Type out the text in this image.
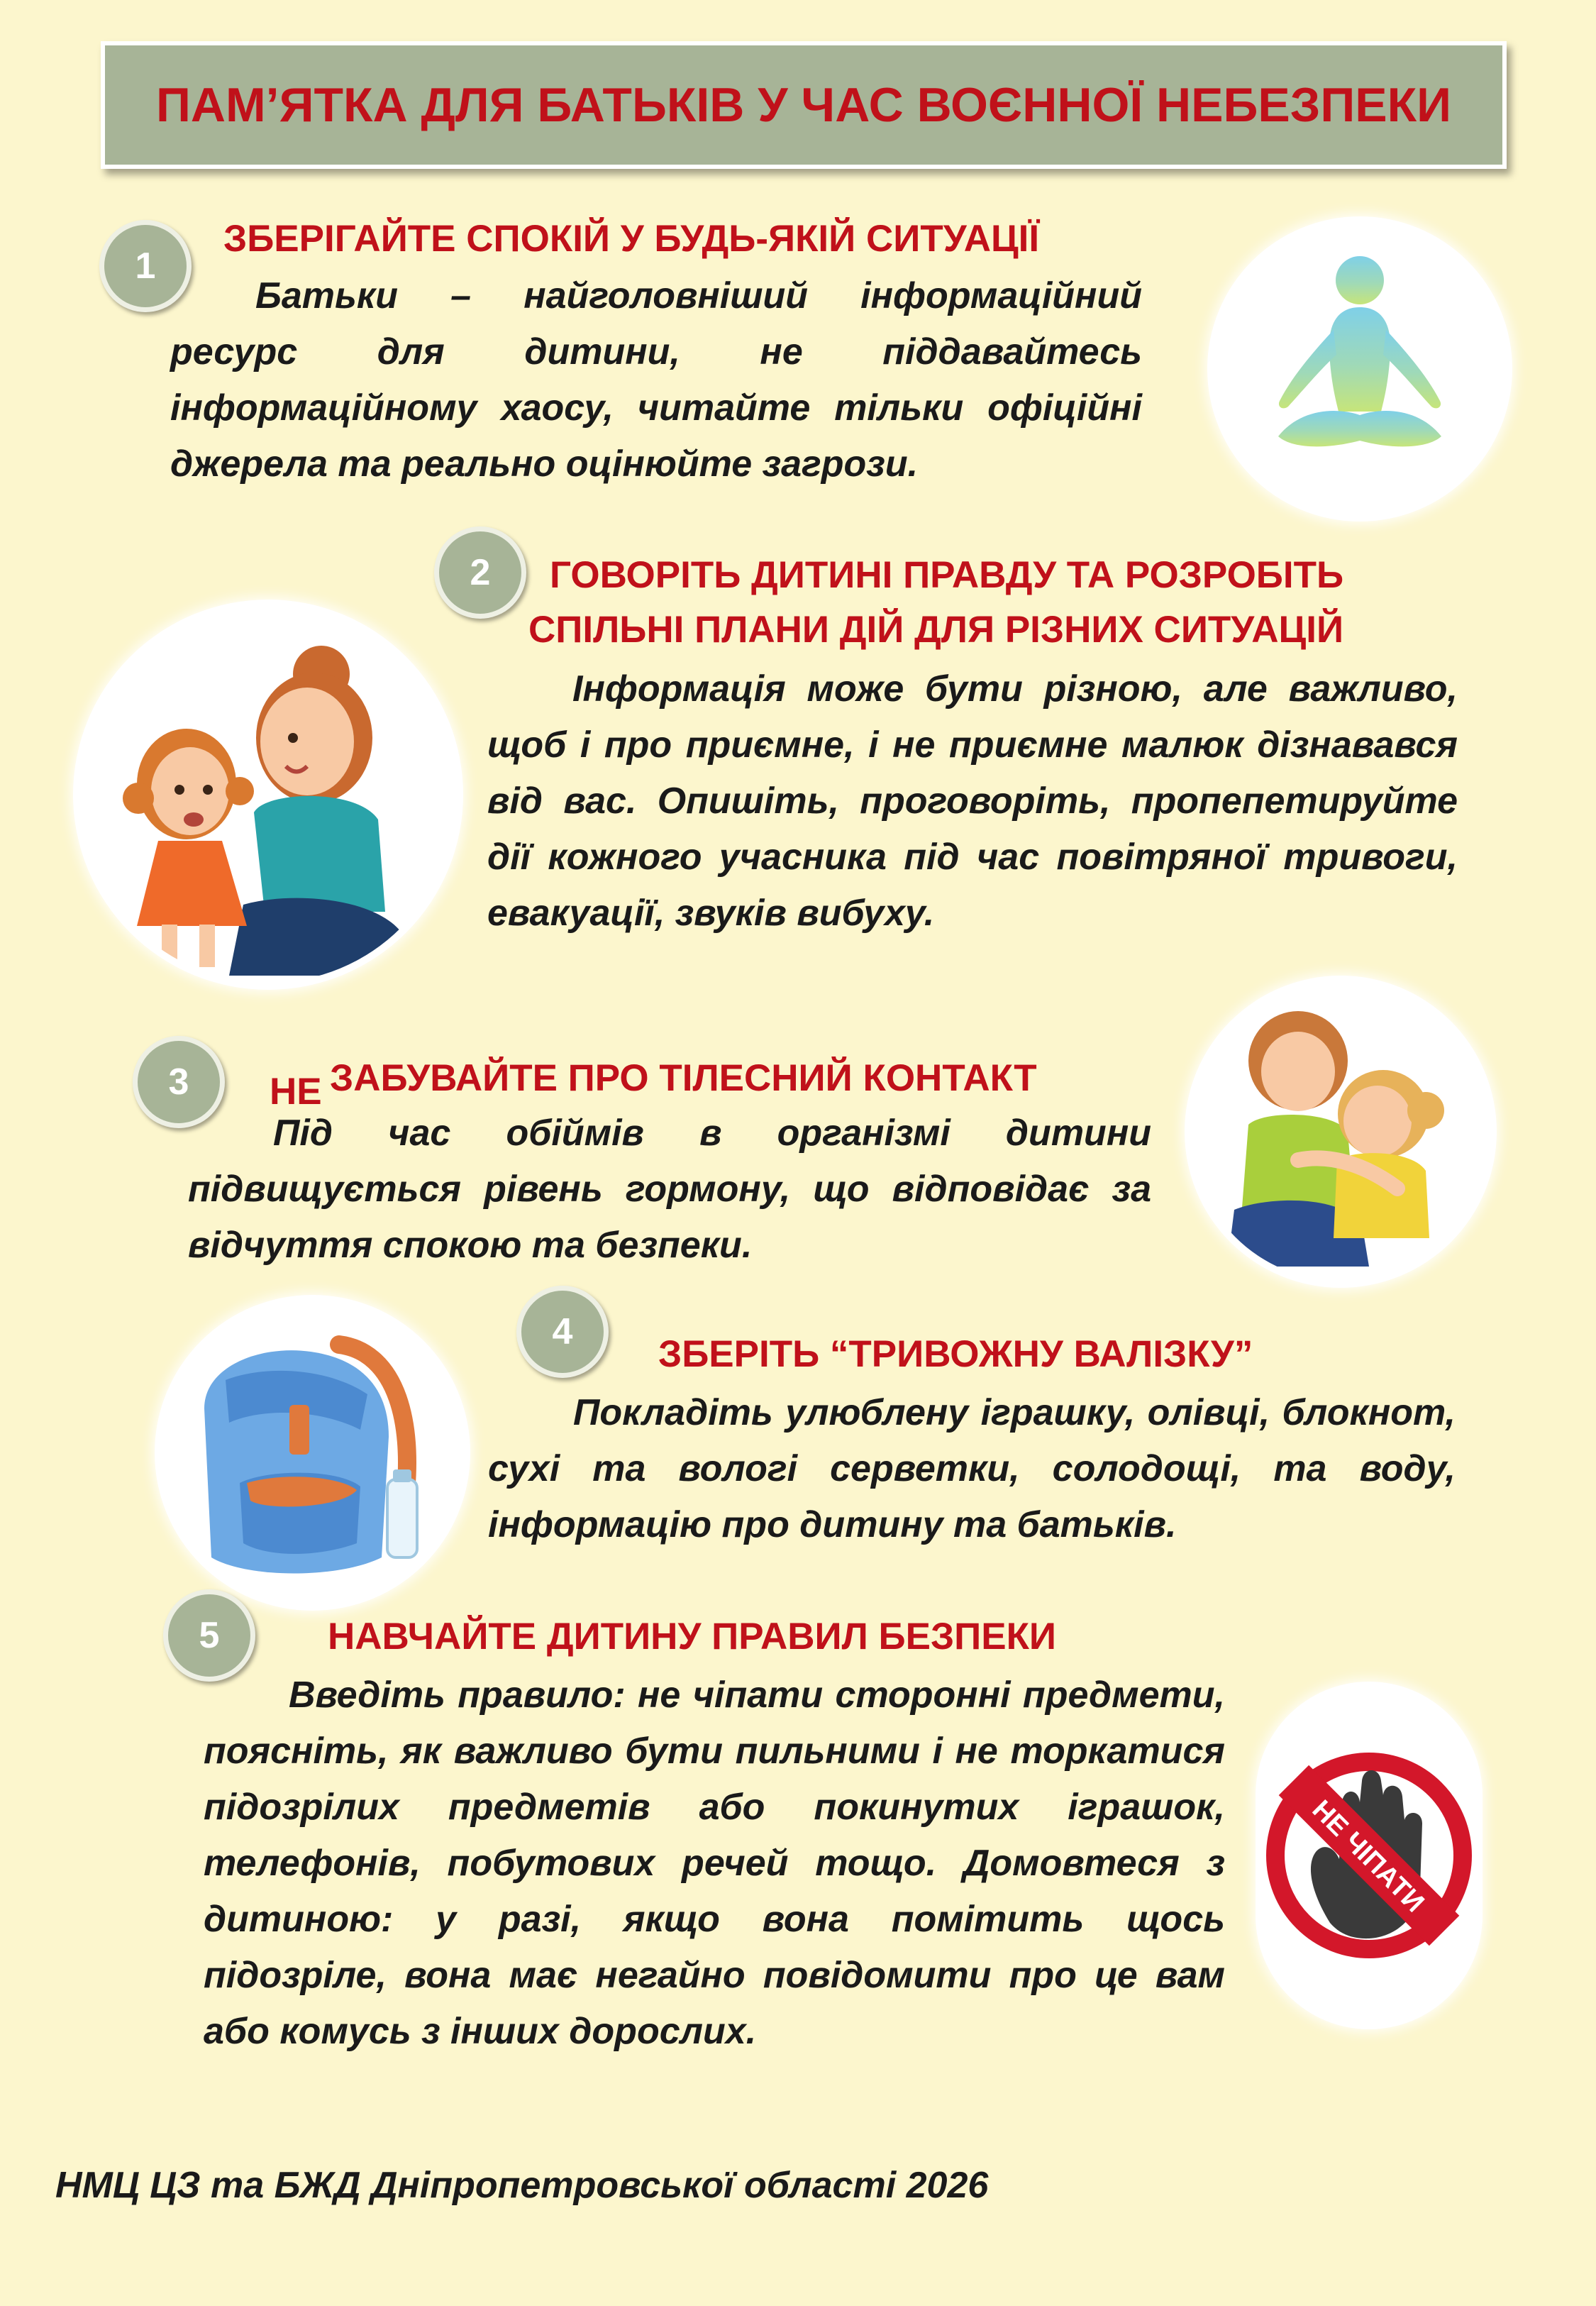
ПАМ’ЯТКА ДЛЯ БАТЬКІВ У ЧАС ВОЄННОЇ НЕБЕЗПЕКИ
1
ЗБЕРІГАЙТЕ СПОКІЙ У БУДЬ-ЯКІЙ СИТУАЦІЇ
Батьки – найголовніший інформаційний ресурс для дитини, не піддавайтесь інформаційному хаосу, читайте тільки офіційні джерела та реально оцінюйте загрози.
2 ГОВОРІТЬ ДИТИНІ ПРАВДУ ТА РОЗРОБІТЬ
СПІЛЬНІ ПЛАНИ ДІЙ ДЛЯ РІЗНИХ СИТУАЦІЙ
Інформація може бути різною, але важливо, щоб і про приємне, і не приємне малюк дізнавався від вас. Опишіть, проговоріть, пропепетируйте дії кожного учасника під час повітряної тривоги, евакуації, звуків вибуху.
3 НЕ ЗАБУВАЙТЕ ПРО ТІЛЕСНИЙ КОНТАКТ
Під час обіймів в організмі дитини підвищується рівень гормону, що відповідає за відчуття спокою та безпеки.
4
ЗБЕРІТЬ “ТРИВОЖНУ ВАЛІЗКУ”
Покладіть улюблену іграшку, олівці, блокнот, сухі та вологі серветки, солодощі, та воду, інформацію про дитину та батьків.
5	НАВЧАЙТЕ ДИТИНУ ПРАВИЛ БЕЗПЕКИ
Введіть правило: не чіпати сторонні предмети, поясніть, як важливо бути пильними і не торкатися підозрілих предметів або покинутих іграшок, телефонів, побутових речей тощо. Домовтеся з дитиною: у разі, якщо вона помітить щось підозріле, вона має негайно повідомити про це вам або комусь з інших дорослих.
НЕ ЧІПАТИ
НМЦ ЦЗ та БЖД Дніпропетровської області 2026
